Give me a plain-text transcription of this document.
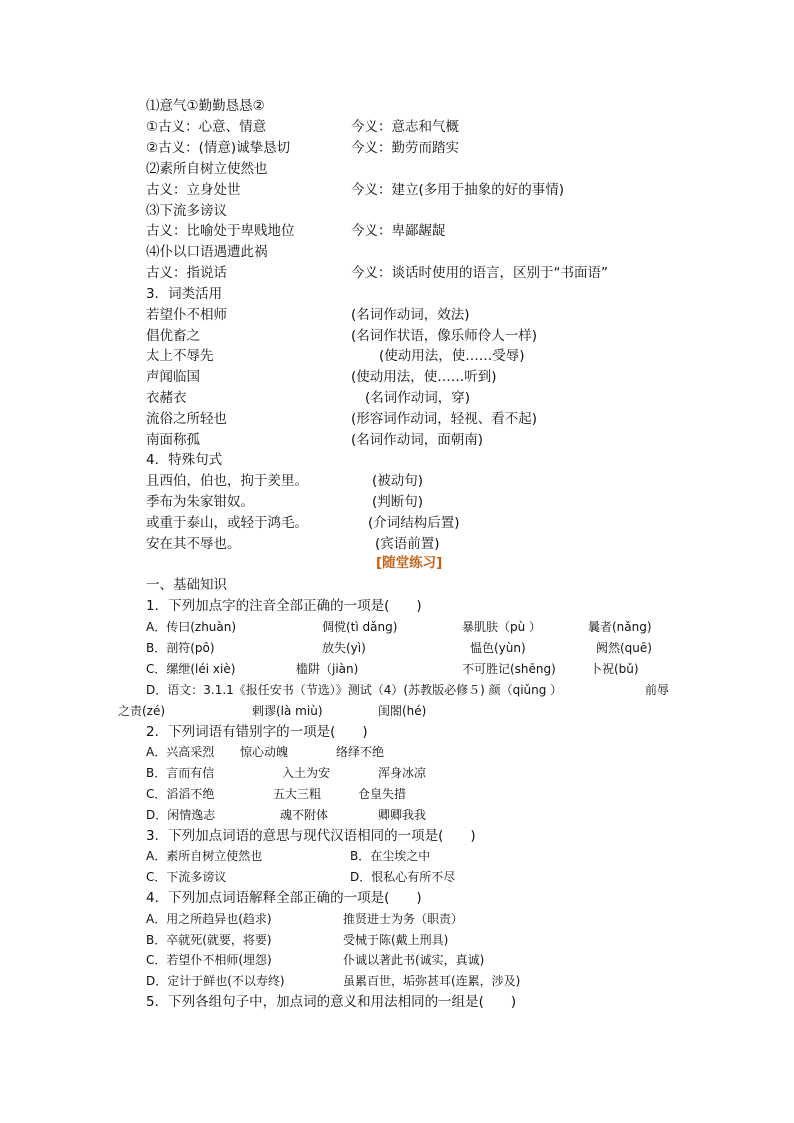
⑴意气①勤勤恳恳②
①古义：心意、情意	今义：意志和气概
②古义：(情意)诚挚恳切	今义：勤劳而踏实
⑵素所自树立使然也
古义：立身处世	今义：建立(多用于抽象的好的事情)
⑶下流多谤议
古义：比喻处于卑贱地位	今义：卑鄙龌龊
⑷仆以口语遇遭此祸
古义：指说话	今义：谈话时使用的语言，区别于“书面语”
3．词类活用
若望仆不相师	(名词作动词，效法)
倡优畜之	(名词作状语，像乐师伶人一样)
太上不辱先	(使动用法，使……受辱)
声闻临国	(使动用法，使……听到)
衣赭衣	(名词作动词，穿)
流俗之所轻也	(形容词作动词，轻视、看不起)
南面称孤	(名词作动词，面朝南)
4．特殊句式
且西伯，伯也，拘于羑里。	(被动句)
季布为朱家钳奴。	(判断句)
或重于泰山，或轻于鸿毛。	(介词结构后置)
安在其不辱也。	(宾语前置)
[随堂练习]
一、基础知识
1．下列加点字的注音全部正确的一项是(　　)
A．传曰(zhuàn)	倜傥(tì dǎng)	暴肌肤（pù ）	曩者(nǎng)
B．剖符(pō)	放失(yì)	愠色(yùn)	阙然(quē)
C．缧绁(léi xiè)	槛阱（jiàn)	不可胜记(shēng)	卜祝(bǔ)
D．语文：3.1.1《报任安书（节选）》测试（4）(苏教版必修５) 颜（qiǔng ）	前辱
之责(zé)	剌谬(là miù)	闺閤(hé)
2．下列词语有错别字的一项是(　　)
A．兴高采烈 惊心动魄	络绎不绝
B．言而有信	入土为安	浑身冰凉
C．滔滔不绝	五大三粗	仓皇失措
D．闲情逸志	魂不附体	卿卿我我
3．下列加点词语的意思与现代汉语相同的一项是(　　)
A．素所自树立使然也	B．在尘埃之中
C．下流多谤议	D．恨私心有所不尽
4．下列加点词语解释全部正确的一项是(　　)
A．用之所趋异也(趋求)	推贤进士为务（职责）
B．卒就死(就要，将要)	受械于陈(戴上刑具)
C．若望仆不相师(埋怨)	仆诚以著此书(诚实，真诚)
D．定计于鲜也(不以寿终)	虽累百世，垢弥甚耳(连累，涉及)
5．下列各组句子中，加点词的意义和用法相同的一组是(　　)
